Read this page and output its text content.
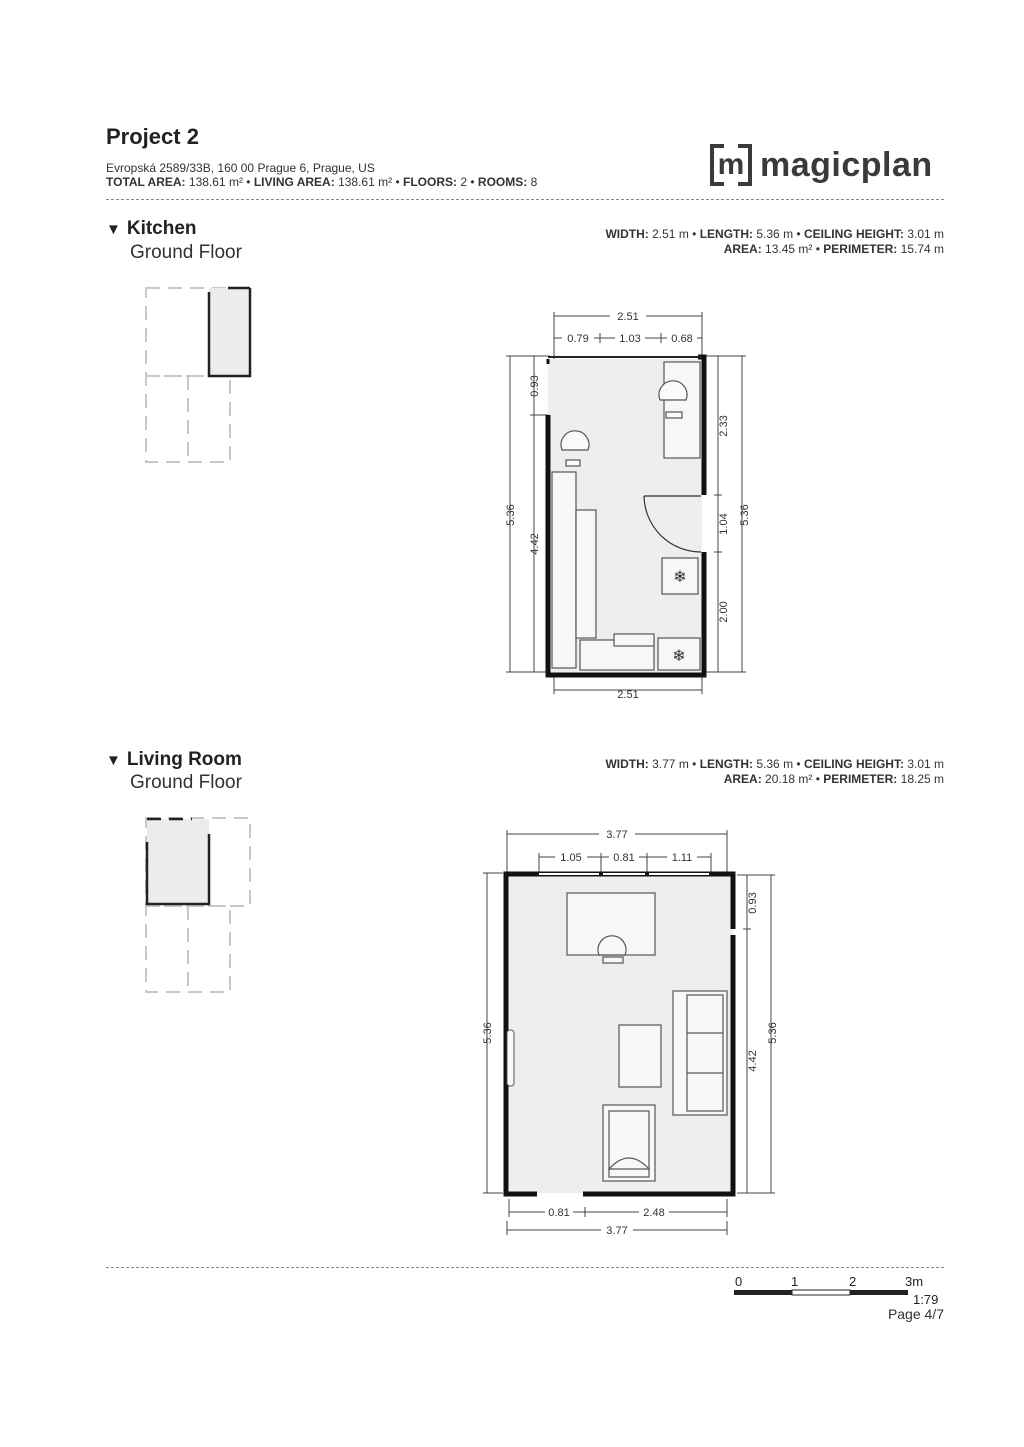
Project 2
Evropská 2589/33B, 160 00 Prague 6, Prague, US
TOTAL AREA: 138.61 m² • LIVING AREA: 138.61 m² • FLOORS: 2 • ROOMS: 8
m magicplan
▼ Kitchen
Ground Floor
WIDTH: 2.51 m • LENGTH: 5.36 m • CEILING HEIGHT: 3.01 m
AREA: 13.45 m² • PERIMETER: 15.74 m
❄
❄
2.51
0.79	1.03	0.68
2.51
5.36
0.93
4.42
2.33
1.04
2.00
5.36
▼ Living Room
Ground Floor
WIDTH: 3.77 m • LENGTH: 5.36 m • CEILING HEIGHT: 3.01 m
AREA: 20.18 m² • PERIMETER: 18.25 m
3.77
1.05	0.81	1.11
0.81	2.48
3.77
5.36
0.93
4.42
5.36
0	1	2	3m
1:79
Page 4/7
